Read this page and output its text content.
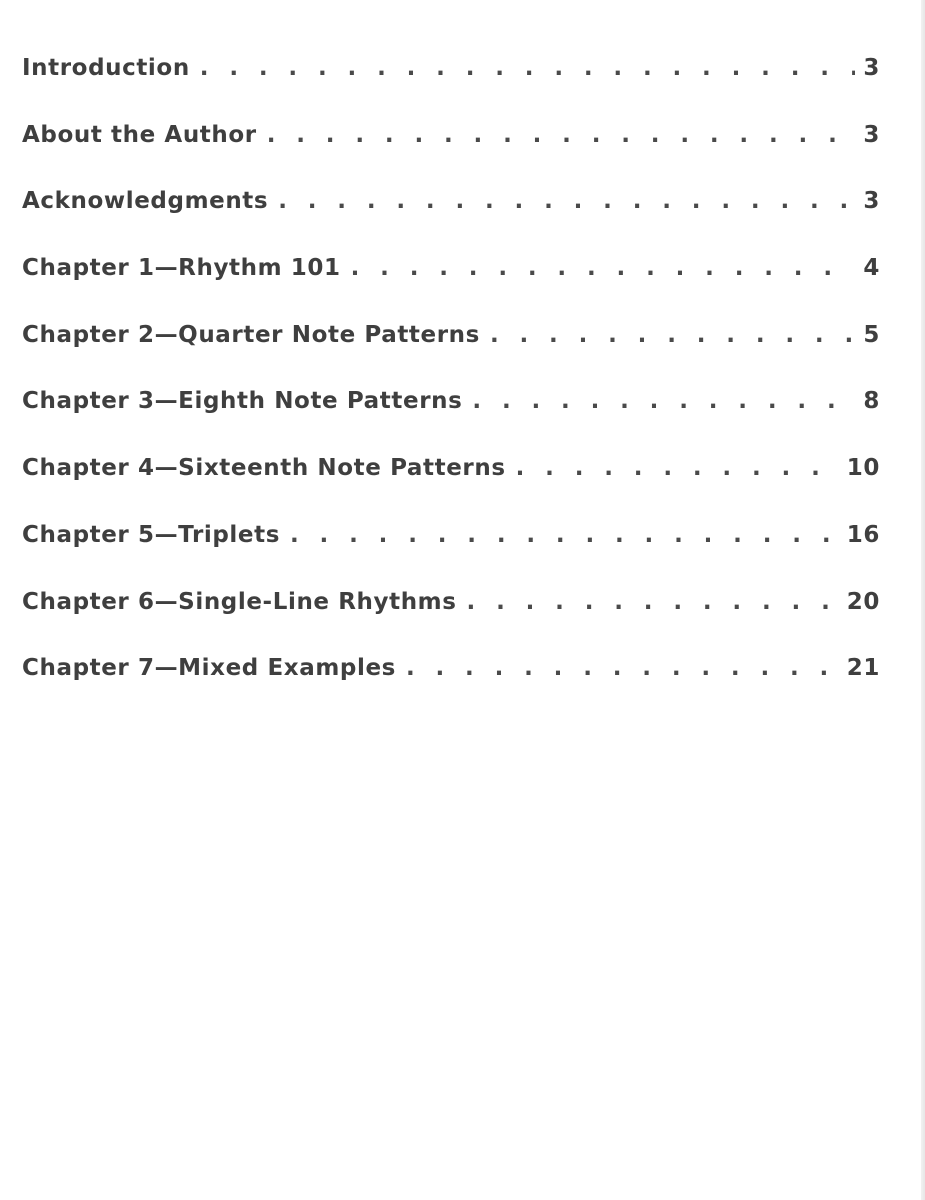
Introduction . . .	3
About the Author . . .	3
Acknowledgments . . .	3
Chapter 1—Rhythm 101 . . .	4
Chapter 2—Quarter Note Patterns . . .	5
Chapter 3—Eighth Note Patterns . . .	8
Chapter 4—Sixteenth Note Patterns . . .	10
Chapter 5—Triplets . . .	16
Chapter 6—Single-Line Rhythms . . .	20
Chapter 7—Mixed Examples . . .	21
